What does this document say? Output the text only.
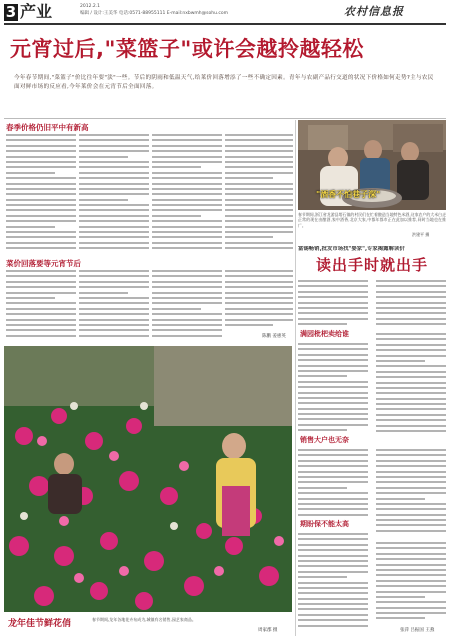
3 产业	2012.2.1
编辑 / 设计:王美华 电话:0571-88955111 E-mail:nxbwmh@sohu.com	农村信息报
元宵过后,"菜篮子"或许会越拎越轻松
今年春节期间,"菜篮子"价比往年要"淡"一些。节后的阴雨和低温天气,给莱价回落增添了一些不确定因素。青年与农副产品行交道的状况下价格如何走势?主与农民面对鲜市场的反应看,今年莱价会在元宵节后全面回落。
春季价格仍旧平中有新高
菜价回落要等元宵节后
陈鹏 姜惠英
"酒香不怕巷子深"
春节期间,浙江省龙游县塔石镇的村民们在忙着酿造当地特色米酒,这家农户的大米白走正常的现在由酿酒,家中酒香,北京大家,中都年都市正在此加以推荐,同时当地也在推广。
洪建平 摄
富锡畅销,批发市场找"婆家",专家揭露解读价
读出手时就出手
满园枇杷卖给谁
销售大户也无奈
期盼保不能太高
张萍 吕振国 王燕
龙年佳节鲜花俏	春节期间,龙年各地花卉布成为,城镇有名销售,园艺家商品。
周家郡 摄
